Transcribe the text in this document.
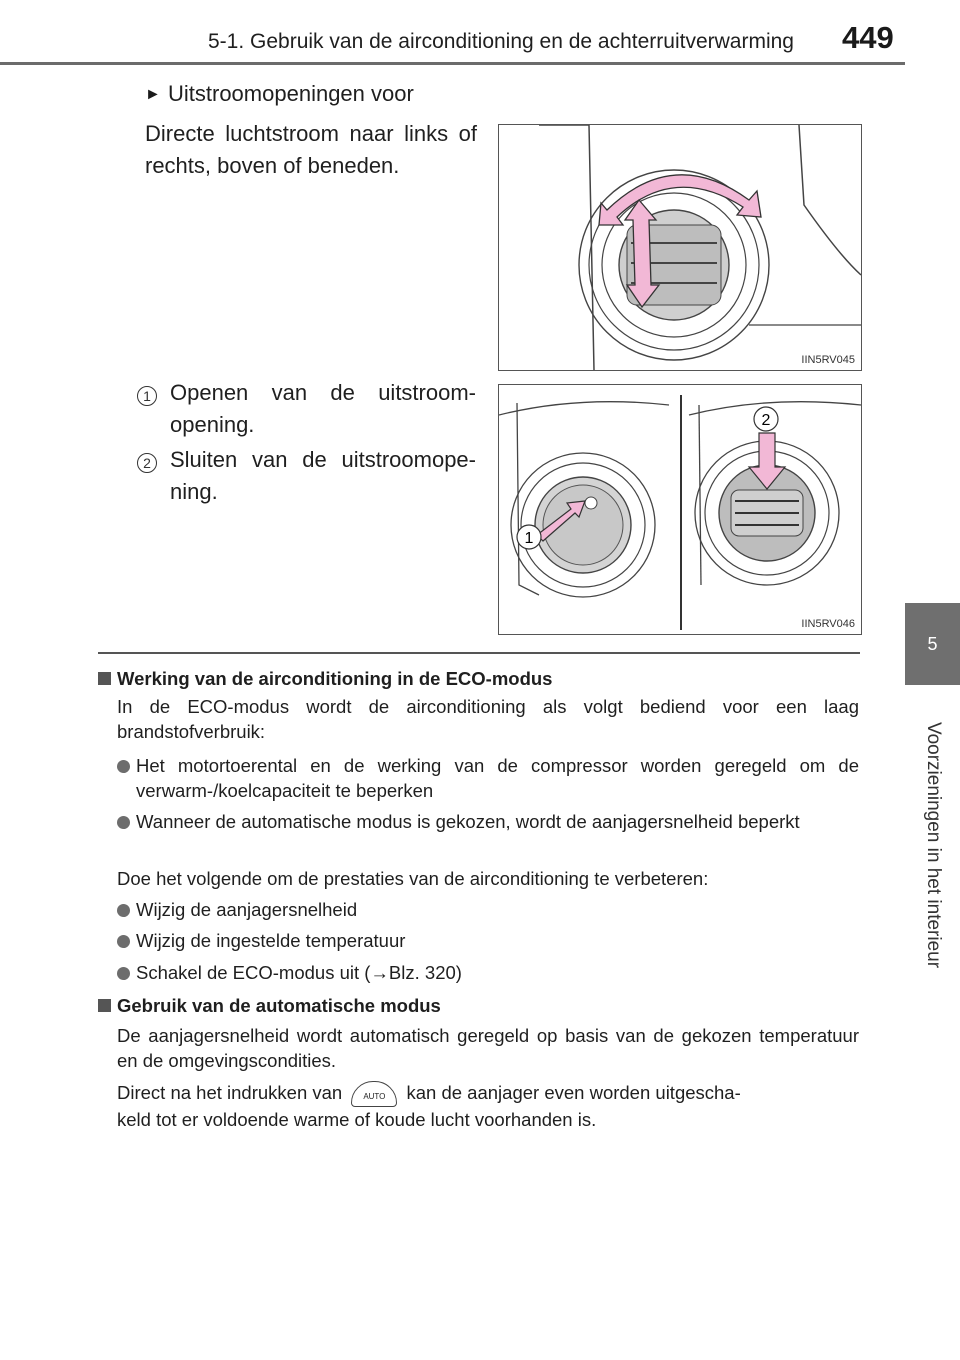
5-1. Gebruik van de airconditioning en de achterruitverwarming 449
5
Voorzieningen in het interieur
► Uitstroomopeningen voor
Directe luchtstroom naar links of rechts, boven of beneden.
IIN5RV045
1 Openen van de uitstroom-opening.
2 Sluiten van de uitstroomope-ning.
1
2
IIN5RV046
Werking van de airconditioning in de ECO-modus
In de ECO-modus wordt de airconditioning als volgt bediend voor een laag brandstofverbruik:
Het motortoerental en de werking van de compressor worden geregeld om de verwarm-/koelcapaciteit te beperken
Wanneer de automatische modus is gekozen, wordt de aanjagersnelheid beperkt
Doe het volgende om de prestaties van de airconditioning te verbeteren:
Wijzig de aanjagersnelheid
Wijzig de ingestelde temperatuur
Schakel de ECO-modus uit (→Blz. 320)
Gebruik van de automatische modus
De aanjagersnelheid wordt automatisch geregeld op basis van de gekozen temperatuur en de omgevingscondities.
Direct na het indrukken van	AUTO kan de aanjager even worden uitgescha-
keld tot er voldoende warme of koude lucht voorhanden is.
